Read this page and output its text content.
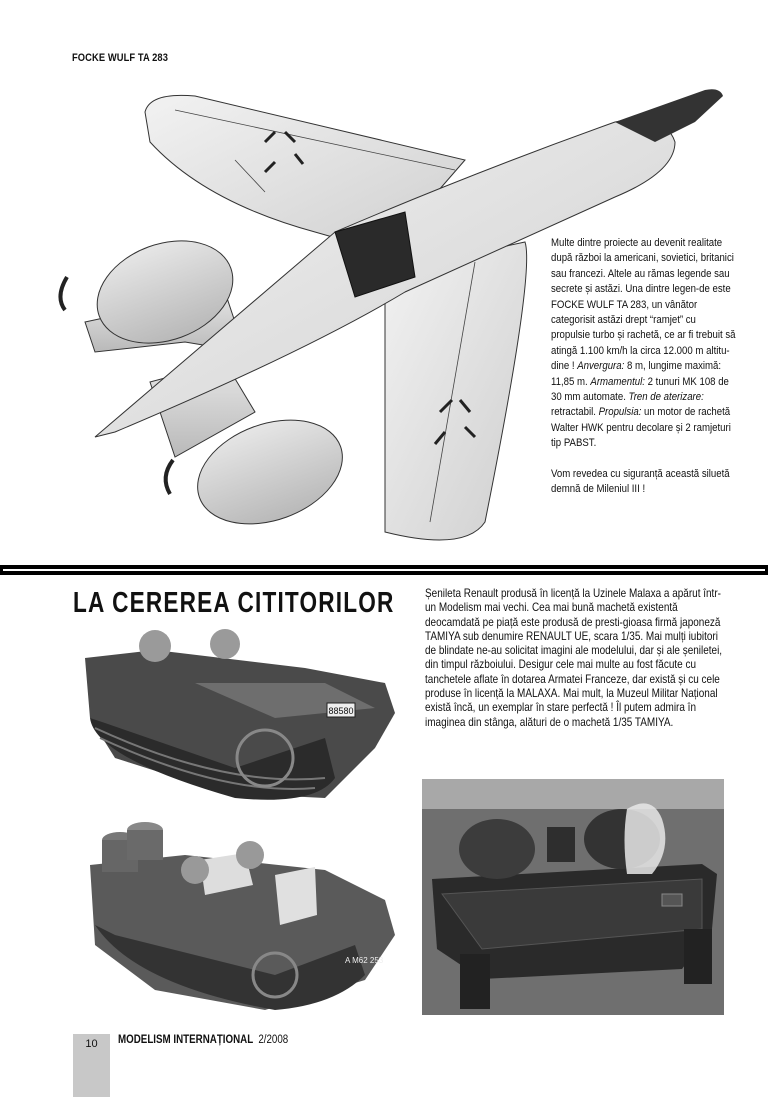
FOCKE WULF TA 283

Multe dintre proiecte au devenit realitate după război la americani, sovietici, britanici sau francezi. Altele au rămas legende sau secrete și astăzi. Una dintre legen-de este FOCKE WULF TA 283, un vânător categorisit astăzi drept “ramjet” cu propulsie turbo și rachetă, ce ar fi trebuit să atingă 1.100 km/h la circa 12.000 m altitu-dine ! Anvergura: 8 m, lungime maximă: 11,85 m. Armamentul: 2 tunuri MK 108 de 30 mm automate. Tren de aterizare: retractabil. Propulsia: un motor de rachetă Walter HWK pentru decolare și 2 ramjeturi tip PABST.

Vom revedea cu siguranță această siluetă demnă de Mileniul III !

LA CEREREA CITITORILOR	Șenileta Renault produsă în licență la Uzinele Malaxa a apărut într-un Modelism mai vechi. Cea mai bună machetă existentă deocamdată pe piață este produsă de presti-gioasa firmă japoneză TAMIYA sub denumire RENAULT UE, scara 1/35. Mai mulți iubitori de blindate ne-au solicitat imagini ale modelului, dar și ale șeniletei, din timpul războiului. Desigur cele mai multe au fost făcute cu tanchetele aflate în dotarea Armatei Franceze, dar există și cu cele produse în licență la MALAXA. Mai mult, la Muzeul Militar Național există încă, un exemplar în stare perfectă ! Îl putem admira în imaginea din stânga, alături de o machetă 1/35 TAMIYA.
88580
A M62 253
10	MODELISM INTERNAȚIONAL 2/2008
